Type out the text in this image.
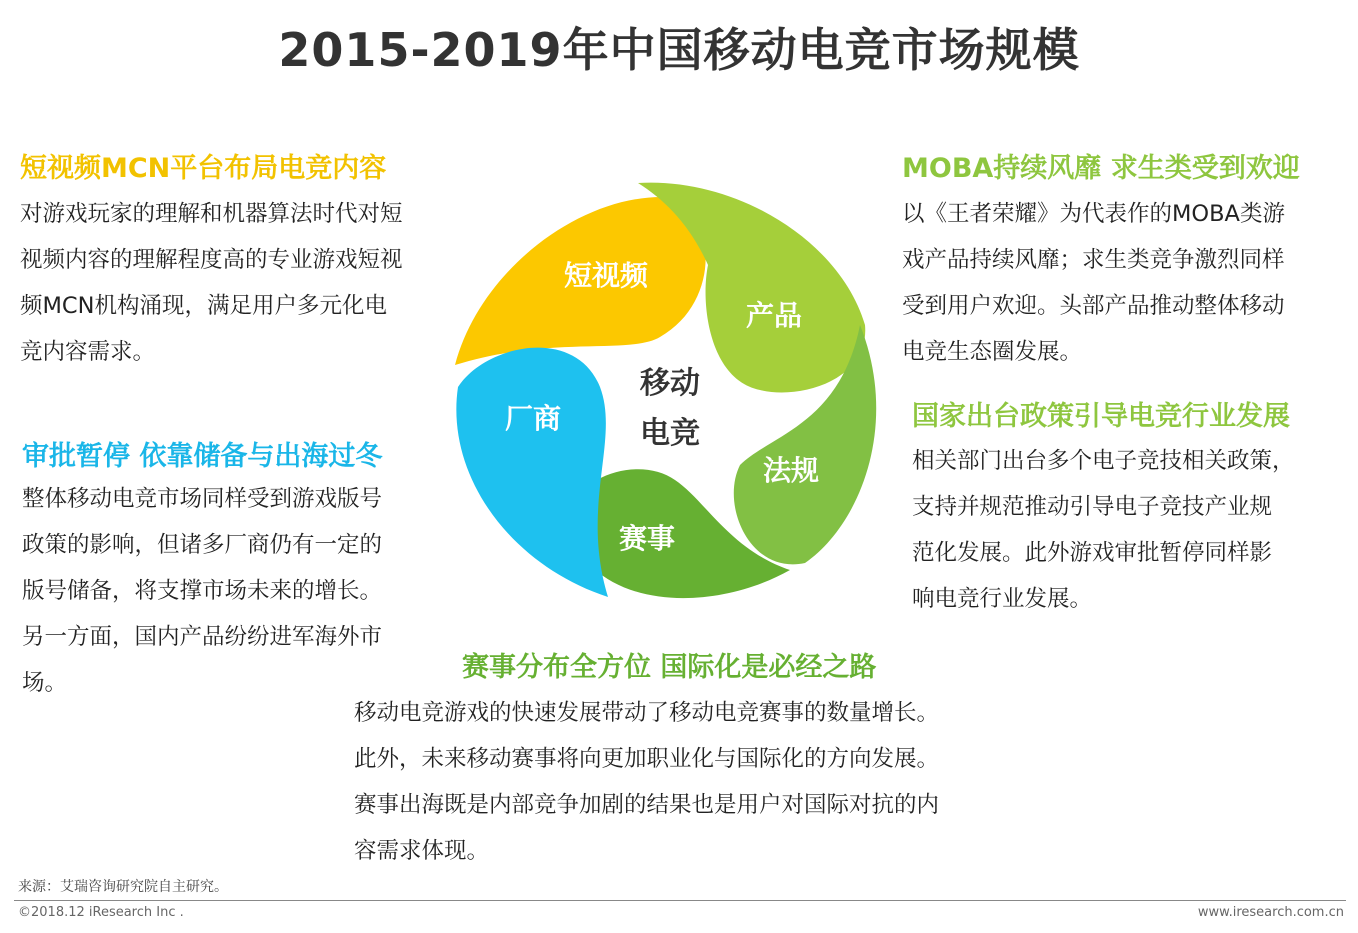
2015-2019年中国移动电竞市场规模
短视频MCN平台布局电竞内容
对游戏玩家的理解和机器算法时代对短
视频内容的理解程度高的专业游戏短视
频MCN机构涌现，满足用户多元化电
竞内容需求。
审批暂停 依靠储备与出海过冬
整体移动电竞市场同样受到游戏版号
政策的影响，但诸多厂商仍有一定的
版号储备，将支撑市场未来的增长。
另一方面，国内产品纷纷进军海外市
场。
MOBA持续风靡 求生类受到欢迎
以《王者荣耀》为代表作的MOBA类游
戏产品持续风靡；求生类竞争激烈同样
受到用户欢迎。头部产品推动整体移动
电竞生态圈发展。
国家出台政策引导电竞行业发展
相关部门出台多个电子竞技相关政策，
支持并规范推动引导电子竞技产业规
范化发展。此外游戏审批暂停同样影
响电竞行业发展。
赛事分布全方位 国际化是必经之路
移动电竞游戏的快速发展带动了移动电竞赛事的数量增长。
此外，未来移动赛事将向更加职业化与国际化的方向发展。
赛事出海既是内部竞争加剧的结果也是用户对国际对抗的内
容需求体现。
短视频
产品
法规
赛事
厂商
移动
电竞
来源：艾瑞咨询研究院自主研究。
©2018.12 iResearch Inc .	www.iresearch.com.cn
